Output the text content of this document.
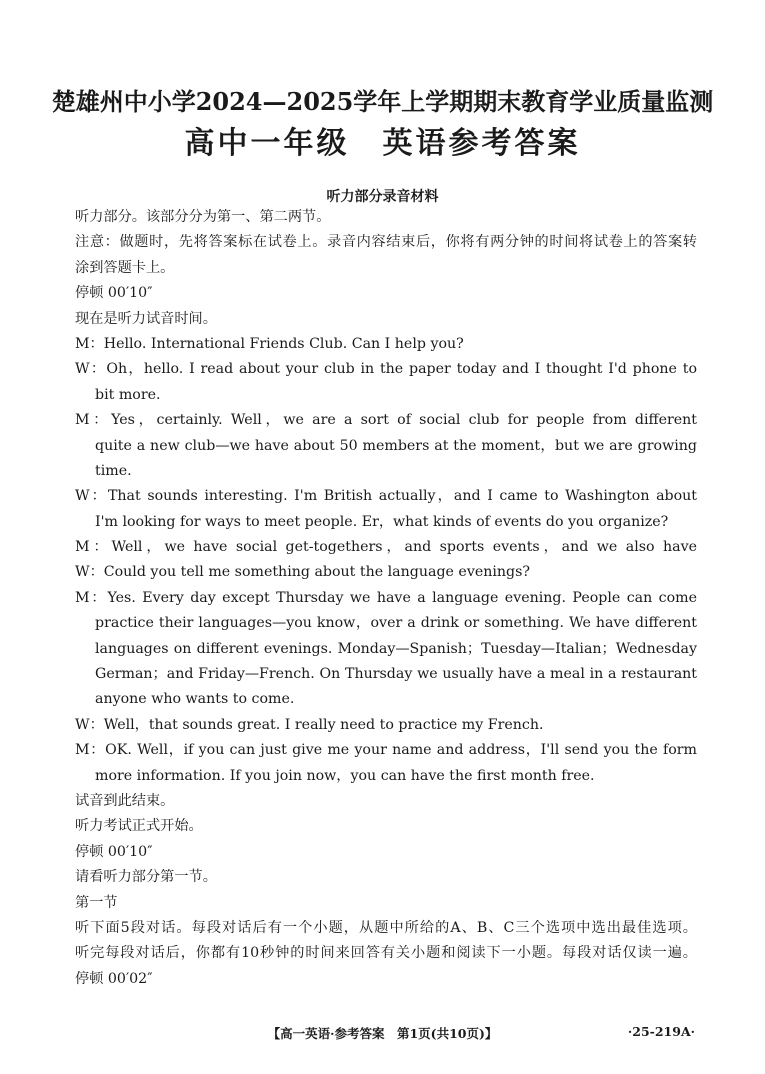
楚雄州中小学2024—2025学年上学期期末教育学业质量监测
高中一年级　英语参考答案
听力部分录音材料
听力部分。该部分分为第一、第二两节。
注意：做题时，先将答案标在试卷上。录音内容结束后，你将有两分钟的时间将试卷上的答案转
涂到答题卡上。
停顿 00′10″
现在是听力试音时间。
M：Hello. International Friends Club. Can I help you?
W：Oh，hello. I read about your club in the paper today and I thought I'd phone to
bit more.
M：Yes，certainly. Well，we are a sort of social club for people from different
quite a new club—we have about 50 members at the moment，but we are growing
time.
W：That sounds interesting. I'm British actually，and I came to Washington about
I'm looking for ways to meet people. Er，what kinds of events do you organize?
M：Well，we have social get-togethers，and sports events，and we also have
W：Could you tell me something about the language evenings?
M：Yes. Every day except Thursday we have a language evening. People can come
practice their languages—you know，over a drink or something. We have different
languages on different evenings. Monday—Spanish；Tuesday—Italian；Wednesday
German；and Friday—French. On Thursday we usually have a meal in a restaurant
anyone who wants to come.
W：Well，that sounds great. I really need to practice my French.
M：OK. Well，if you can just give me your name and address，I'll send you the form
more information. If you join now，you can have the first month free.
试音到此结束。
听力考试正式开始。
停顿 00′10″
请看听力部分第一节。
第一节
听下面5段对话。每段对话后有一个小题，从题中所给的A、B、C三个选项中选出最佳选项。
听完每段对话后，你都有10秒钟的时间来回答有关小题和阅读下一小题。每段对话仅读一遍。
停顿 00′02″
【高一英语·参考答案　第1页(共10页)】	·25-219A·
